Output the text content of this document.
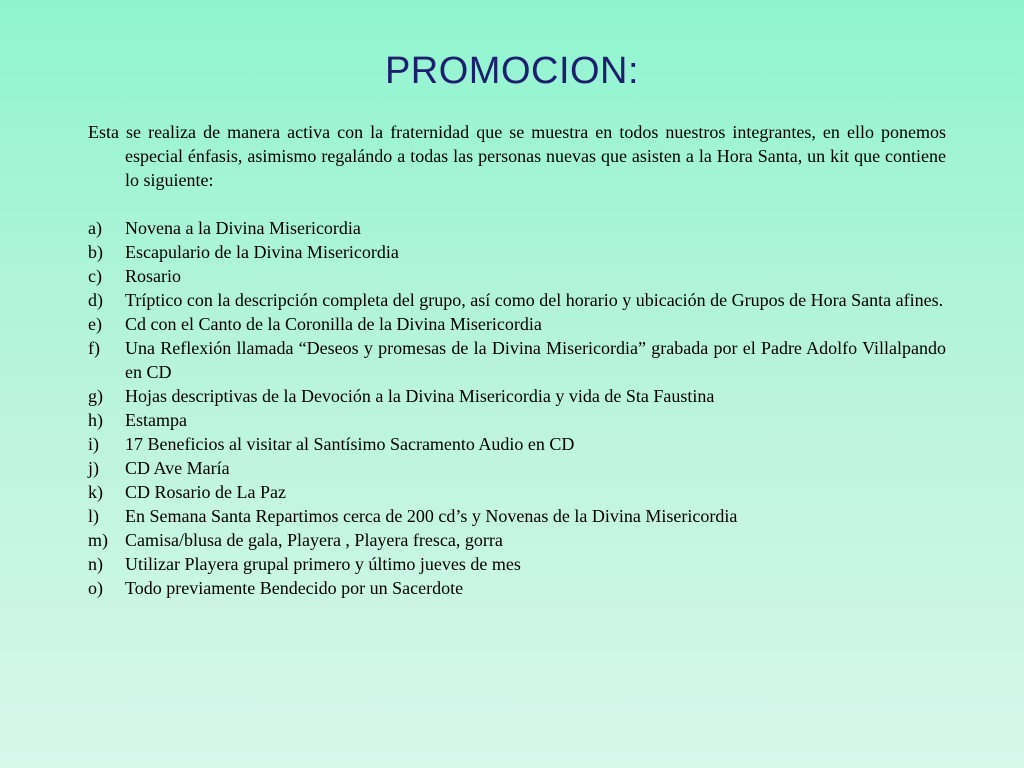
PROMOCION:

Esta se realiza de manera activa con la fraternidad que se muestra en todos nuestros integrantes, en ello ponemos especial énfasis, asimismo regalándo a todas las personas nuevas que asisten a la Hora Santa, un kit que contiene lo siguiente:

a)	Novena a la Divina Misericordia
b)	Escapulario de la Divina Misericordia
c)	Rosario
d)	Tríptico con la descripción completa del grupo, así como del horario y ubicación de Grupos de Hora Santa afines.
e)	Cd con el Canto de la Coronilla de la Divina Misericordia
f)	Una Reflexión llamada “Deseos y promesas de la Divina Misericordia” grabada por el Padre Adolfo Villalpando en CD
g)	Hojas descriptivas de la Devoción a la Divina Misericordia y vida de Sta Faustina
h)	Estampa
i)	17 Beneficios al visitar al Santísimo Sacramento Audio en CD
j)	CD Ave María
k)	CD Rosario de La Paz
l)	En Semana Santa Repartimos cerca de 200 cd’s y Novenas de la Divina Misericordia
m) Camisa/blusa de gala, Playera , Playera fresca, gorra
n)	Utilizar Playera grupal primero y último jueves de mes
o)	Todo previamente Bendecido por un Sacerdote
